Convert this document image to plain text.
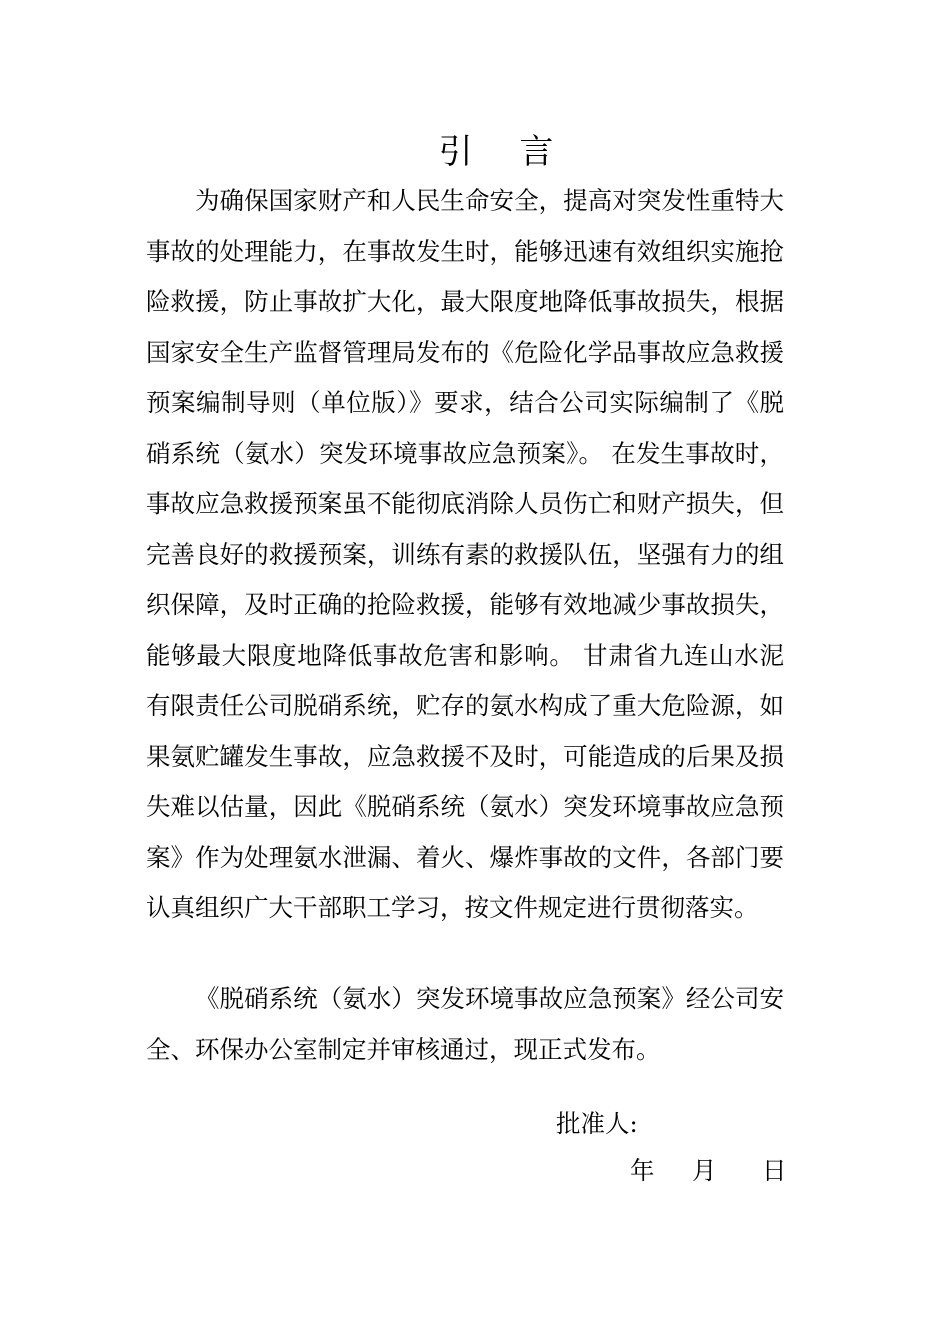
引 言

为确保国家财产和人民生命安全，提高对突发性重特大事故的处理能力，在事故发生时，能够迅速有效组织实施抢险救援，防止事故扩大化，最大限度地降低事故损失，根据国家安全生产监督管理局发布的《危险化学品事故应急救援预案编制导则（单位版）》要求，结合公司实际编制了《脱硝系统（氨水）突发环境事故应急预案》。 在发生事故时，事故应急救援预案虽不能彻底消除人员伤亡和财产损失，但完善良好的救援预案，训练有素的救援队伍，坚强有力的组织保障，及时正确的抢险救援，能够有效地减少事故损失，能够最大限度地降低事故危害和影响。 甘肃省九连山水泥有限责任公司脱硝系统，贮存的氨水构成了重大危险源，如果氨贮罐发生事故，应急救援不及时，可能造成的后果及损失难以估量，因此《脱硝系统（氨水）突发环境事故应急预案》作为处理氨水泄漏、着火、爆炸事故的文件，各部门要认真组织广大干部职工学习，按文件规定进行贯彻落实。

《脱硝系统（氨水）突发环境事故应急预案》经公司安全、环保办公室制定并审核通过，现正式发布。

批准人:

年	月	日
